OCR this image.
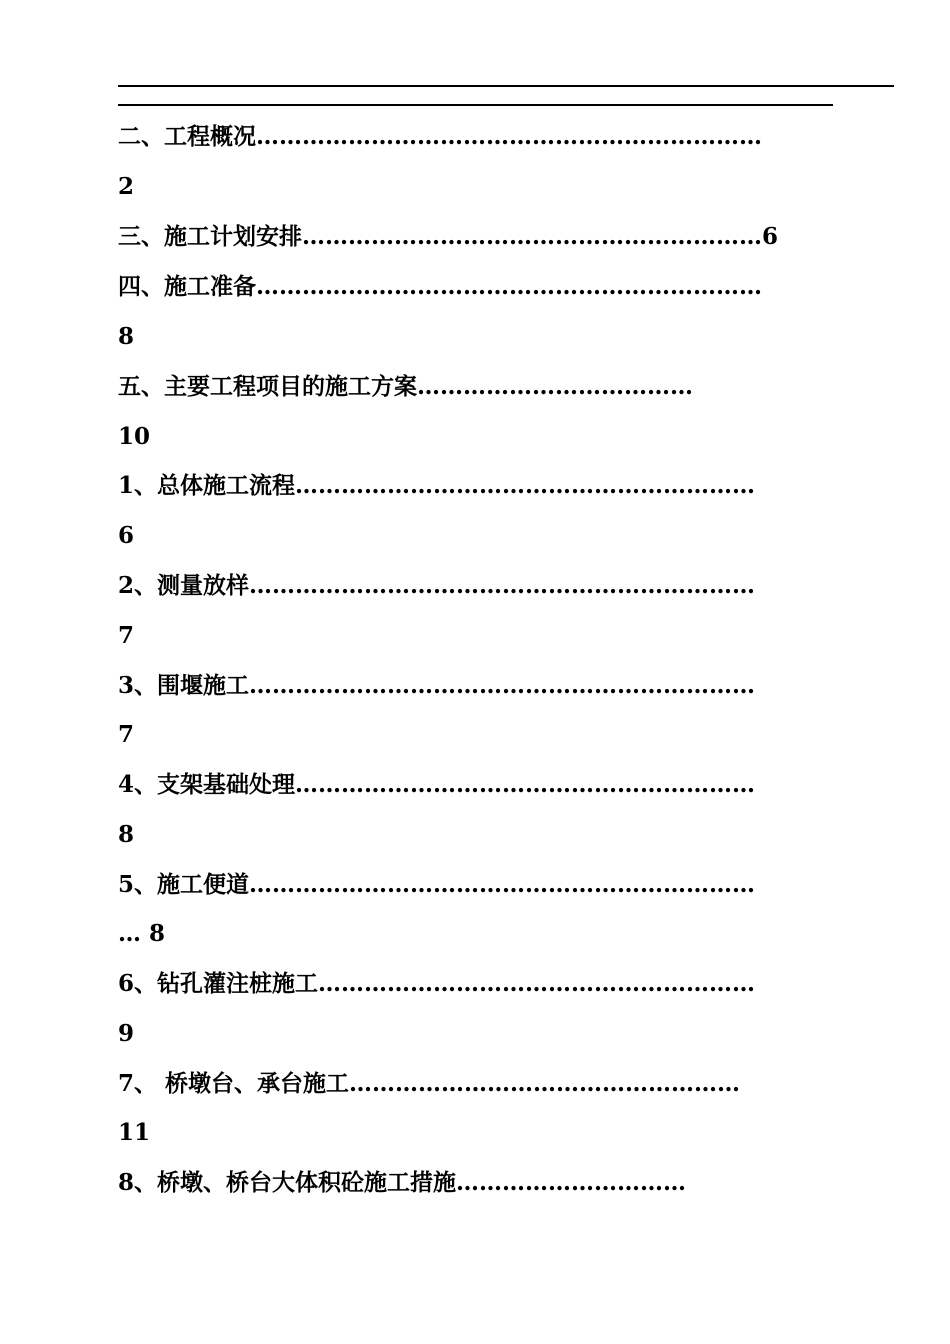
二、工程概况…………………………………………………………
2
三、施工计划安排……………………………………………………6
四、施工准备…………………………………………………………
8
五、主要工程项目的施工方案………………………………
10
1、总体施工流程……………………………………………………
6
2、测量放样…………………………………………………………
7
3、围堰施工…………………………………………………………
7
4、支架基础处理……………………………………………………
8
5、施工便道…………………………………………………………
… 8
6、钻孔灌注桩施工…………………………………………………
9
7、 桥墩台、承台施工……………………………………………
11
8、桥墩、桥台大体积砼施工措施…………………………
